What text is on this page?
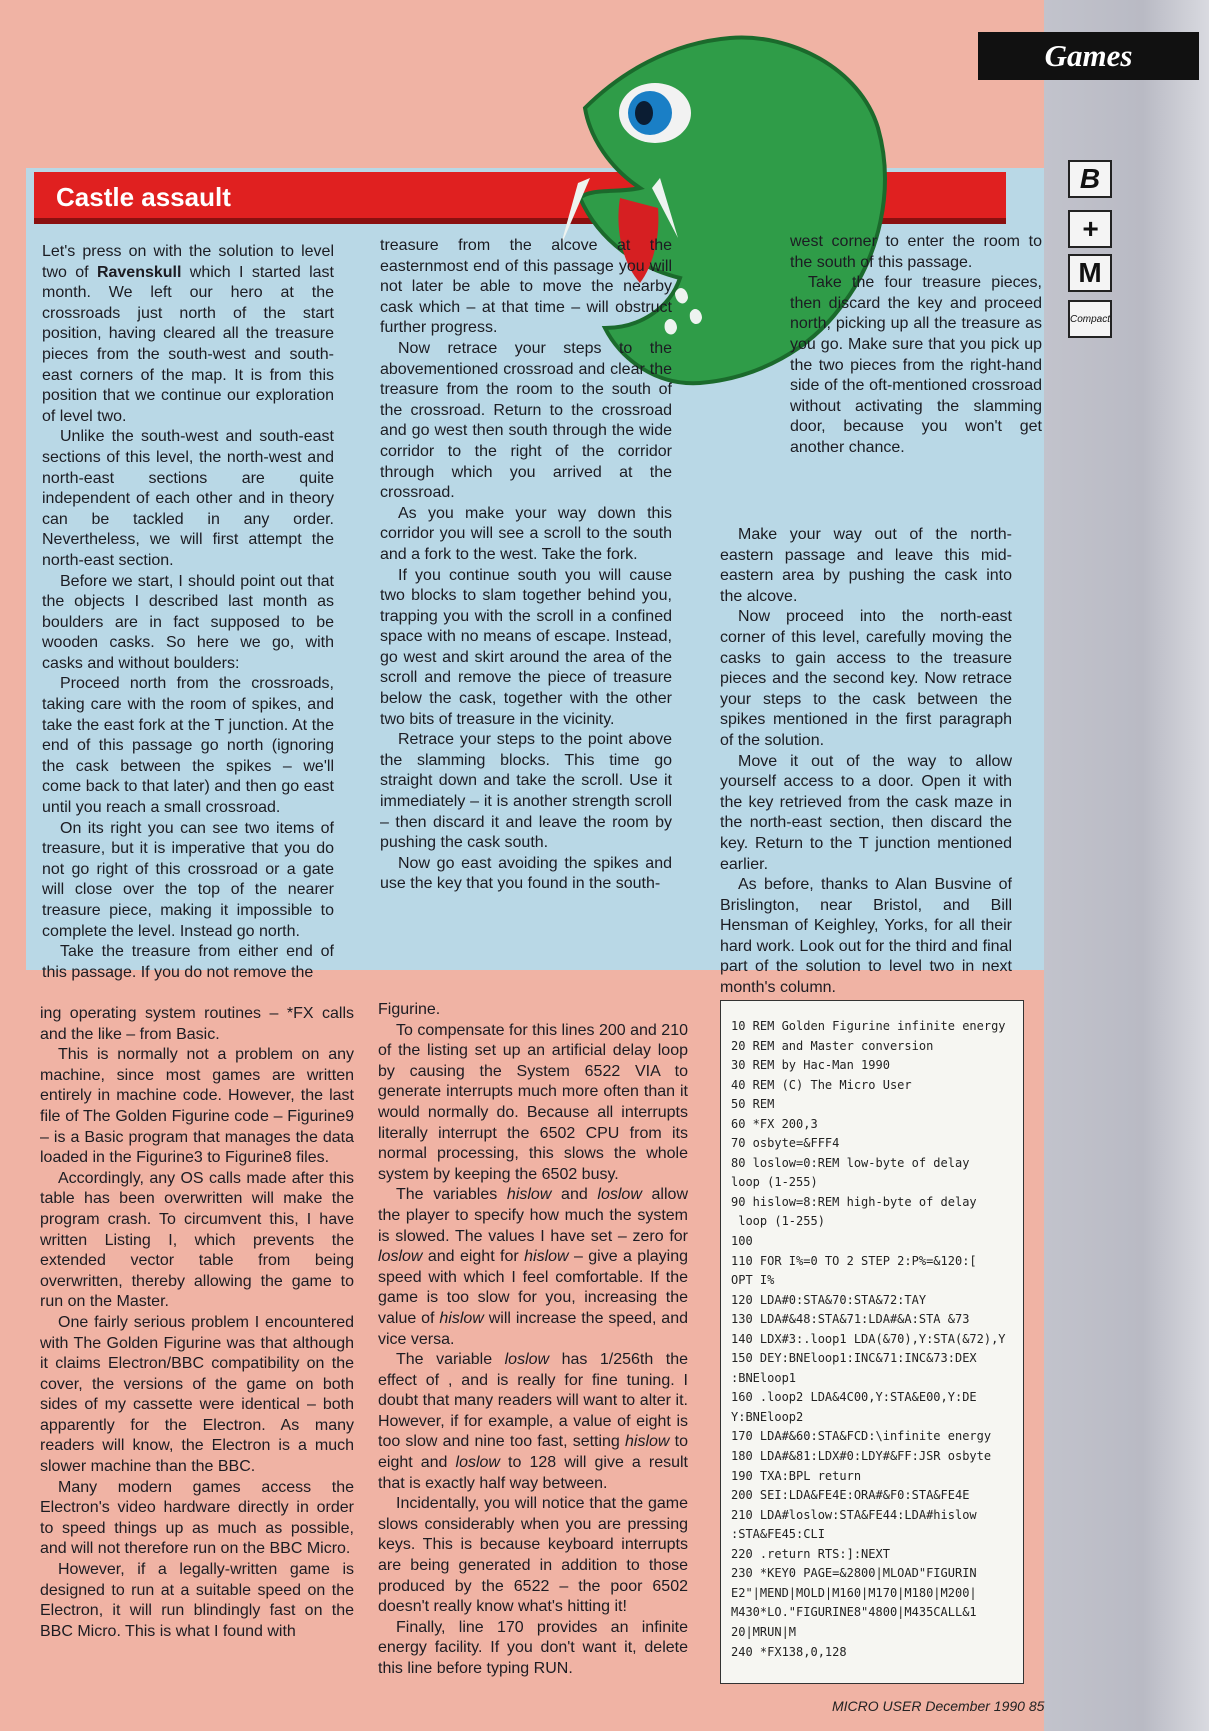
Games
B
+
M
Compact
Castle assault

Let's press on with the solution to level two of Ravenskull which I started last month. We left our hero at the crossroads just north of the start position, having cleared all the treasure pieces from the south-west and south-east corners of the map. It is from this position that we continue our exploration of level two.

Unlike the south-west and south-east sections of this level, the north-west and north-east sections are quite independent of each other and in theory can be tackled in any order. Nevertheless, we will first attempt the north-east section.

Before we start, I should point out that the objects I described last month as boulders are in fact supposed to be wooden casks. So here we go, with casks and without boulders:

Proceed north from the crossroads, taking care with the room of spikes, and take the east fork at the T junction. At the end of this passage go north (ignoring the cask between the spikes – we'll come back to that later) and then go east until you reach a small crossroad.

On its right you can see two items of treasure, but it is imperative that you do not go right of this crossroad or a gate will close over the top of the nearer treasure piece, making it impossible to complete the level. Instead go north.

Take the treasure from either end of this passage. If you do not remove the

treasure from the alcove at the easternmost end of this passage you will not later be able to move the nearby cask which – at that time – will obstruct further progress.

Now retrace your steps to the abovementioned crossroad and clear the treasure from the room to the south of the crossroad. Return to the crossroad and go west then south through the wide corridor to the right of the corridor through which you arrived at the crossroad.

As you make your way down this corridor you will see a scroll to the south and a fork to the west. Take the fork.

If you continue south you will cause two blocks to slam together behind you, trapping you with the scroll in a confined space with no means of escape. Instead, go west and skirt around the area of the scroll and remove the piece of treasure below the cask, together with the other two bits of treasure in the vicinity.

Retrace your steps to the point above the slamming blocks. This time go straight down and take the scroll. Use it immediately – it is another strength scroll – then discard it and leave the room by pushing the cask south.

Now go east avoiding the spikes and use the key that you found in the south-

west corner to enter the room to the south of this passage.

Take the four treasure pieces, then discard the key and proceed north, picking up all the treasure as you go. Make sure that you pick up the two pieces from the right-hand side of the oft-mentioned crossroad without activating the slamming door, because you won't get another chance.

Make your way out of the north-eastern passage and leave this mid-eastern area by pushing the cask into the alcove.

Now proceed into the north-east corner of this level, carefully moving the casks to gain access to the treasure pieces and the second key. Now retrace your steps to the cask between the spikes mentioned in the first paragraph of the solution.

Move it out of the way to allow yourself access to a door. Open it with the key retrieved from the cask maze in the north-east section, then discard the key. Return to the T junction mentioned earlier.

As before, thanks to Alan Busvine of Brislington, near Bristol, and Bill Hensman of Keighley, Yorks, for all their hard work. Look out for the third and final part of the solution to level two in next month's column.

ing operating system routines – *FX calls and the like – from Basic.

This is normally not a problem on any machine, since most games are written entirely in machine code. However, the last file of The Golden Figurine code – Figurine9 – is a Basic program that manages the data loaded in the Figurine3 to Figurine8 files.

Accordingly, any OS calls made after this table has been overwritten will make the program crash. To circumvent this, I have written Listing I, which prevents the extended vector table from being overwritten, thereby allowing the game to run on the Master.

One fairly serious problem I encountered with The Golden Figurine was that although it claims Electron/BBC compatibility on the cover, the versions of the game on both sides of my cassette were identical – both apparently for the Electron. As many readers will know, the Electron is a much slower machine than the BBC.

Many modern games access the Electron's video hardware directly in order to speed things up as much as possible, and will not therefore run on the BBC Micro.

However, if a legally-written game is designed to run at a suitable speed on the Electron, it will run blindingly fast on the BBC Micro. This is what I found with

Figurine.

To compensate for this lines 200 and 210 of the listing set up an artificial delay loop by causing the System 6522 VIA to generate interrupts much more often than it would normally do. Because all interrupts literally interrupt the 6502 CPU from its normal processing, this slows the whole system by keeping the 6502 busy.

The variables hislow and loslow allow the player to specify how much the system is slowed. The values I have set – zero for loslow and eight for hislow – give a playing speed with which I feel comfortable. If the game is too slow for you, increasing the value of hislow will increase the speed, and vice versa.

The variable loslow has 1/256th the effect of , and is really for fine tuning. I doubt that many readers will want to alter it. However, if for example, a value of eight is too slow and nine too fast, setting hislow to eight and loslow to 128 will give a result that is exactly half way between.

Incidentally, you will notice that the game slows considerably when you are pressing keys. This is because keyboard interrupts are being generated in addition to those produced by the 6522 – the poor 6502 doesn't really know what's hitting it!

Finally, line 170 provides an infinite energy facility. If you don't want it, delete this line before typing RUN.

10 REM Golden Figurine infinite energy
20 REM and Master conversion
30 REM by Hac-Man 1990
40 REM (C) The Micro User
50 REM
60 *FX 200,3
70 osbyte=&FFF4
80 loslow=0:REM low-byte of delay
loop (1-255)
90 hislow=8:REM high-byte of delay
loop (1-255)
100
110 FOR I%=0 TO 2 STEP 2:P%=&120:[
OPT I%
120 LDA#0:STA&70:STA&72:TAY
130 LDA#&48:STA&71:LDA#&A:STA &73
140 LDX#3:.loop1 LDA(&70),Y:STA(&72),Y
150 DEY:BNEloop1:INC&71:INC&73:DEX
:BNEloop1
160 .loop2 LDA&4C00,Y:STA&E00,Y:DE
Y:BNEloop2
170 LDA#&60:STA&FCD:\infinite energy
180 LDA#&81:LDX#0:LDY#&FF:JSR osbyte
190 TXA:BPL return
200 SEI:LDA&FE4E:ORA#&F0:STA&FE4E
210 LDA#loslow:STA&FE44:LDA#hislow
:STA&FE45:CLI
220 .return RTS:]:NEXT
230 *KEY0 PAGE=&2800|MLOAD"FIGURIN
E2"|MEND|MOLD|M160|M170|M180|M200|
M430*LO."FIGURINE8"4800|M435CALL&1
20|MRUN|M
240 *FX138,0,128

MICRO USER December 1990 85
